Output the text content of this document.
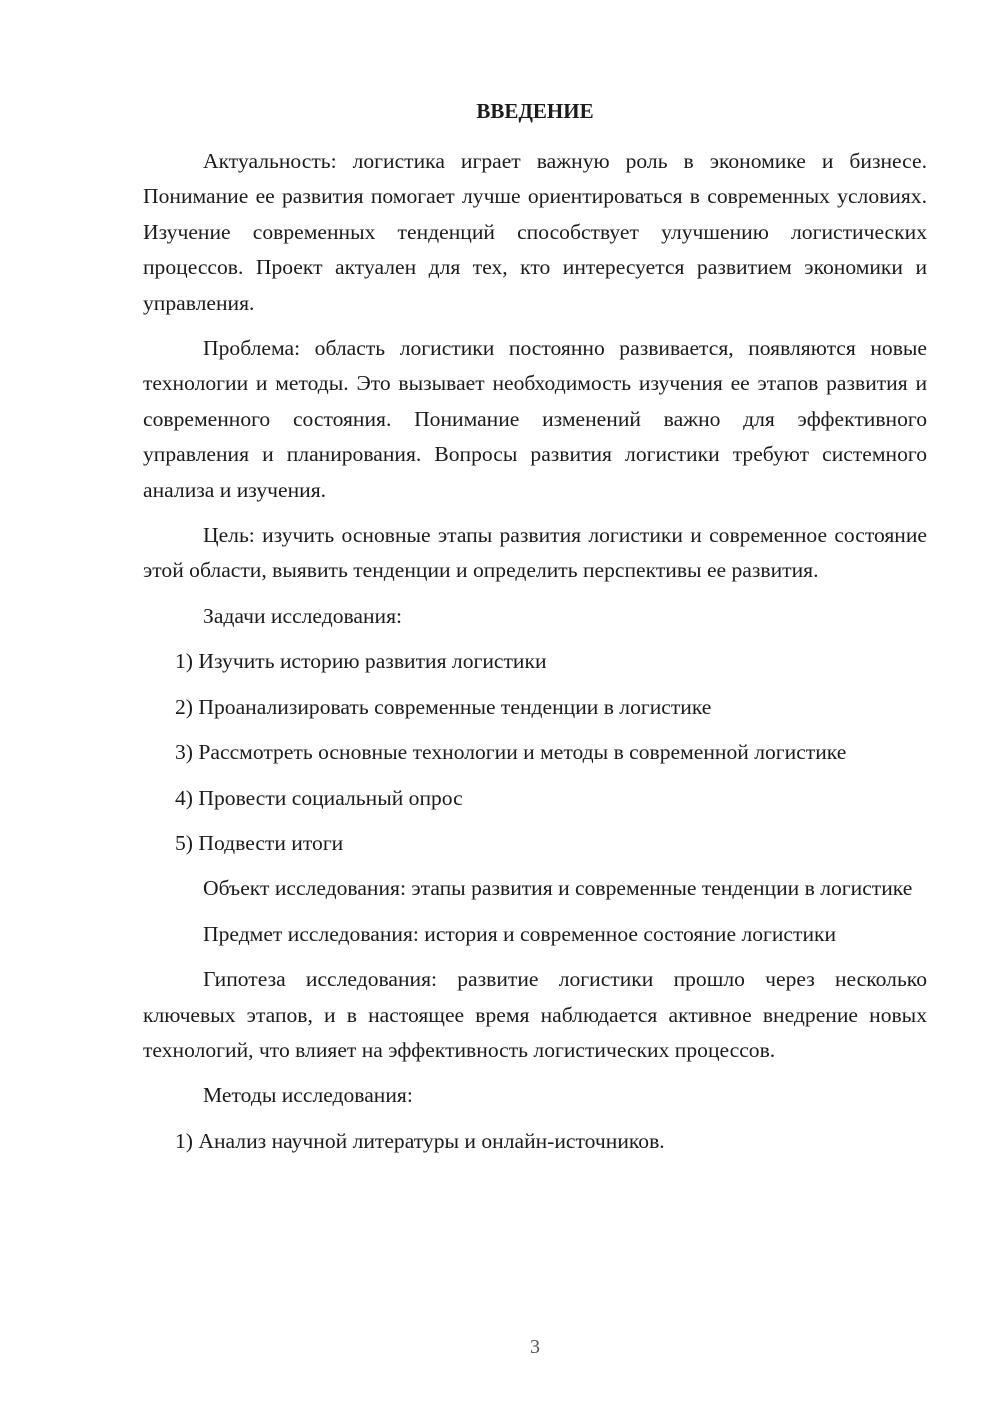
ВВЕДЕНИЕ

Актуальность: логистика играет важную роль в экономике и бизнесе. Понимание ее развития помогает лучше ориентироваться в современных условиях. Изучение современных тенденций способствует улучшению логистических процессов. Проект актуален для тех, кто интересуется развитием экономики и управления.

Проблема: область логистики постоянно развивается, появляются новые технологии и методы. Это вызывает необходимость изучения ее этапов развития и современного состояния. Понимание изменений важно для эффективного управления и планирования. Вопросы развития логистики требуют системного анализа и изучения.

Цель: изучить основные этапы развития логистики и современное состояние этой области, выявить тенденции и определить перспективы ее развития.

Задачи исследования:

1) Изучить историю развития логистики

2) Проанализировать современные тенденции в логистике

3) Рассмотреть основные технологии и методы в современной логистике

4) Провести социальный опрос

5) Подвести итоги

Объект исследования: этапы развития и современные тенденции в логистике

Предмет исследования: история и современное состояние логистики

Гипотеза исследования: развитие логистики прошло через несколько ключевых этапов, и в настоящее время наблюдается активное внедрение новых технологий, что влияет на эффективность логистических процессов.

Методы исследования:

1) Анализ научной литературы и онлайн-источников.

3
